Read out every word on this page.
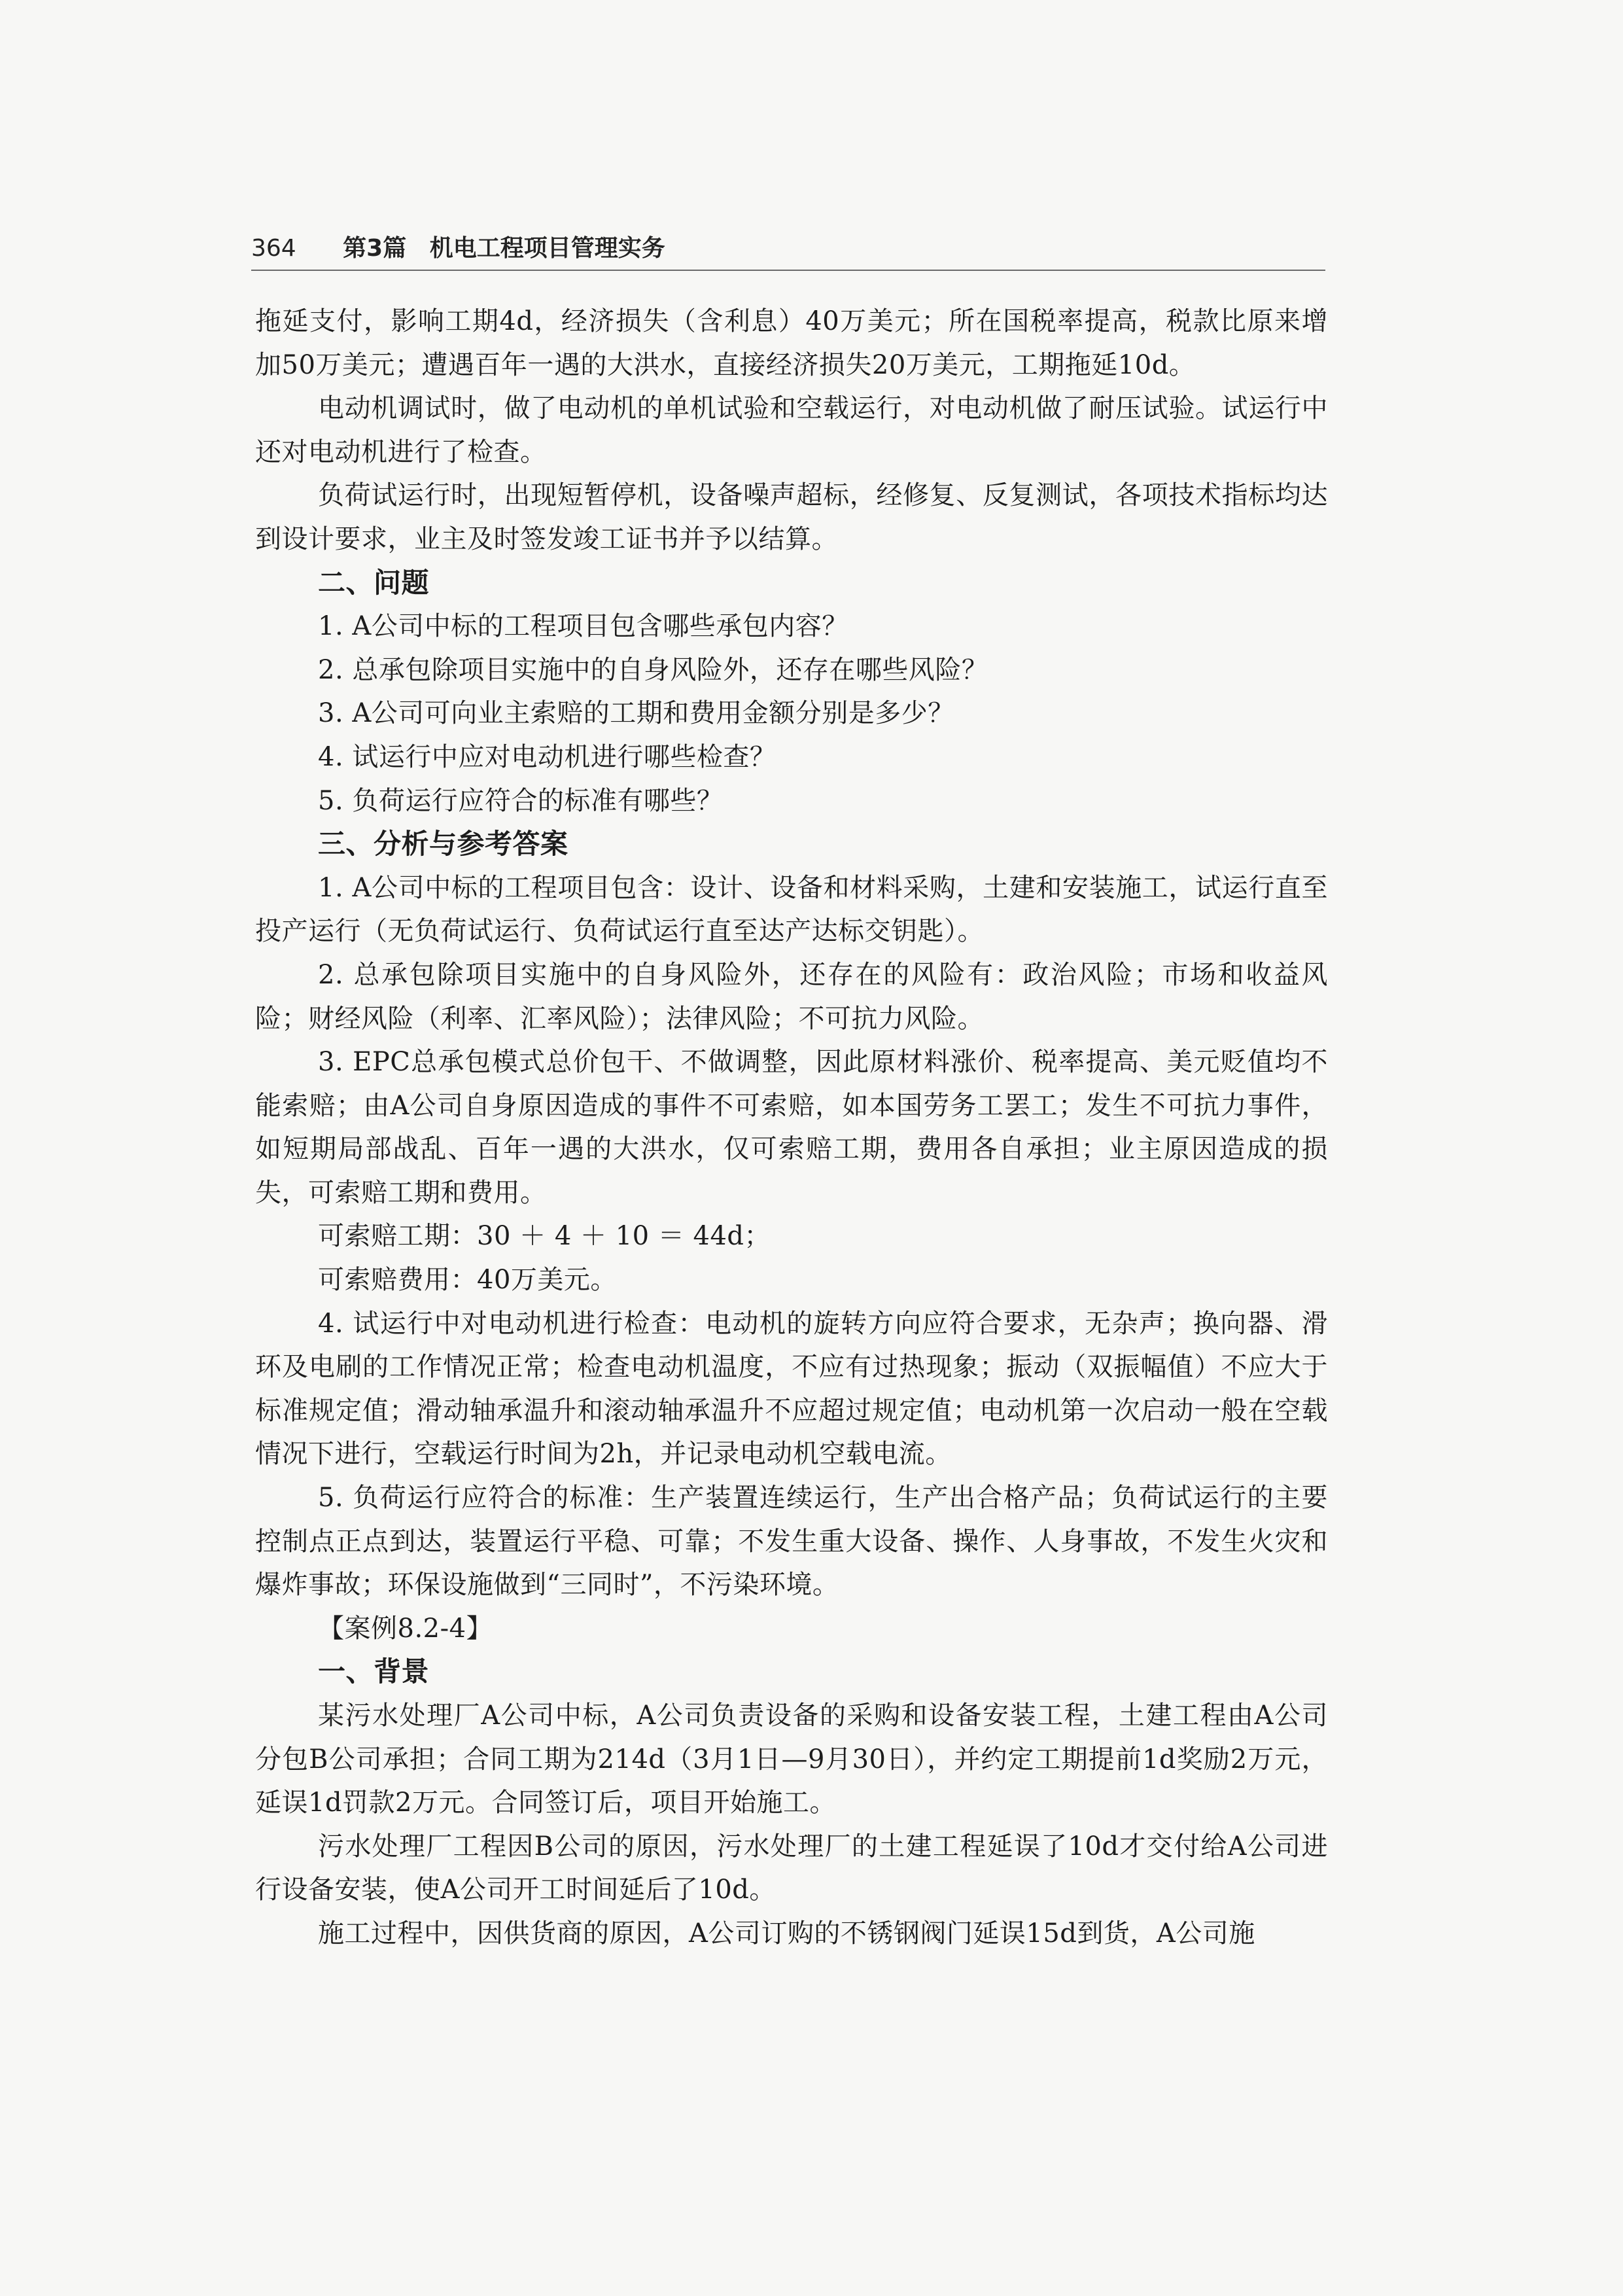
364 第3篇 机电工程项目管理实务

拖延支付，影响工期4d，经济损失（含利息）40万美元；所在国税率提高，税款比原来增加50万美元；遭遇百年一遇的大洪水，直接经济损失20万美元，工期拖延10d。

电动机调试时，做了电动机的单机试验和空载运行，对电动机做了耐压试验。试运行中还对电动机进行了检查。

负荷试运行时，出现短暂停机，设备噪声超标，经修复、反复测试，各项技术指标均达到设计要求，业主及时签发竣工证书并予以结算。

二、问题

1. A公司中标的工程项目包含哪些承包内容？

2. 总承包除项目实施中的自身风险外，还存在哪些风险？

3. A公司可向业主索赔的工期和费用金额分别是多少？

4. 试运行中应对电动机进行哪些检查？

5. 负荷运行应符合的标准有哪些？

三、分析与参考答案

1. A公司中标的工程项目包含：设计、设备和材料采购，土建和安装施工，试运行直至投产运行（无负荷试运行、负荷试运行直至达产达标交钥匙）。

2. 总承包除项目实施中的自身风险外，还存在的风险有：政治风险；市场和收益风险；财经风险（利率、汇率风险）；法律风险；不可抗力风险。

3. EPC总承包模式总价包干、不做调整，因此原材料涨价、税率提高、美元贬值均不能索赔；由A公司自身原因造成的事件不可索赔，如本国劳务工罢工；发生不可抗力事件，如短期局部战乱、百年一遇的大洪水，仅可索赔工期，费用各自承担；业主原因造成的损失，可索赔工期和费用。

可索赔工期：30 ＋ 4 ＋ 10 ＝ 44d；

可索赔费用：40万美元。

4. 试运行中对电动机进行检查：电动机的旋转方向应符合要求，无杂声；换向器、滑环及电刷的工作情况正常；检查电动机温度，不应有过热现象；振动（双振幅值）不应大于标准规定值；滑动轴承温升和滚动轴承温升不应超过规定值；电动机第一次启动一般在空载情况下进行，空载运行时间为2h，并记录电动机空载电流。

5. 负荷运行应符合的标准：生产装置连续运行，生产出合格产品；负荷试运行的主要控制点正点到达，装置运行平稳、可靠；不发生重大设备、操作、人身事故，不发生火灾和爆炸事故；环保设施做到“三同时”，不污染环境。

【案例8.2-4】

一、背景

某污水处理厂A公司中标，A公司负责设备的采购和设备安装工程，土建工程由A公司分包B公司承担；合同工期为214d（3月1日—9月30日），并约定工期提前1d奖励2万元，延误1d罚款2万元。合同签订后，项目开始施工。

污水处理厂工程因B公司的原因，污水处理厂的土建工程延误了10d才交付给A公司进行设备安装，使A公司开工时间延后了10d。

施工过程中，因供货商的原因，A公司订购的不锈钢阀门延误15d到货，A公司施
